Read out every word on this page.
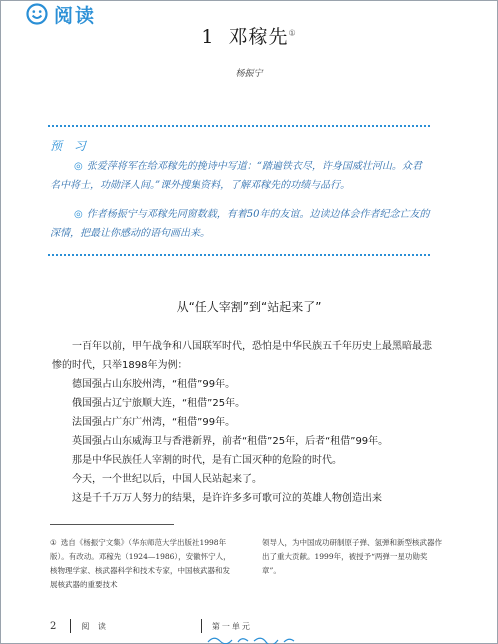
阅读
1 邓稼先①
杨振宁
预 习
◎ 张爱萍将军在给邓稼先的挽诗中写道：“踏遍铁衣尽，许身国威壮河山。众君名中将士，功勋泽人间。”课外搜集资料，了解邓稼先的功绩与品行。
◎ 作者杨振宁与邓稼先同窗数载，有着50年的友谊。边读边体会作者纪念亡友的深情，把最让你感动的语句画出来。
从“任人宰割”到“站起来了”

一百年以前，甲午战争和八国联军时代，恐怕是中华民族五千年历史上最黑暗最悲惨的时代，只举1898年为例：

德国强占山东胶州湾，“租借”99年。

俄国强占辽宁旅顺大连，“租借”25年。

法国强占广东广州湾，“租借”99年。

英国强占山东威海卫与香港新界，前者“租借”25年，后者“租借”99年。

那是中华民族任人宰割的时代，是有亡国灭种的危险的时代。

今天，一个世纪以后，中国人民站起来了。

这是千千万万人努力的结果，是许许多多可歌可泣的英雄人物创造出来

① 选自《杨振宁文集》（华东师范大学出版社1998年版）。有改动。邓稼先（1924—1986），安徽怀宁人，核物理学家、核武器科学和技术专家，中国核武器和发展核武器的重要技术
领导人，为中国成功研制原子弹、氢弹和新型核武器作出了重大贡献。1999年，被授予“两弹一星功勋奖章”。
2	阅 读	第一单元
